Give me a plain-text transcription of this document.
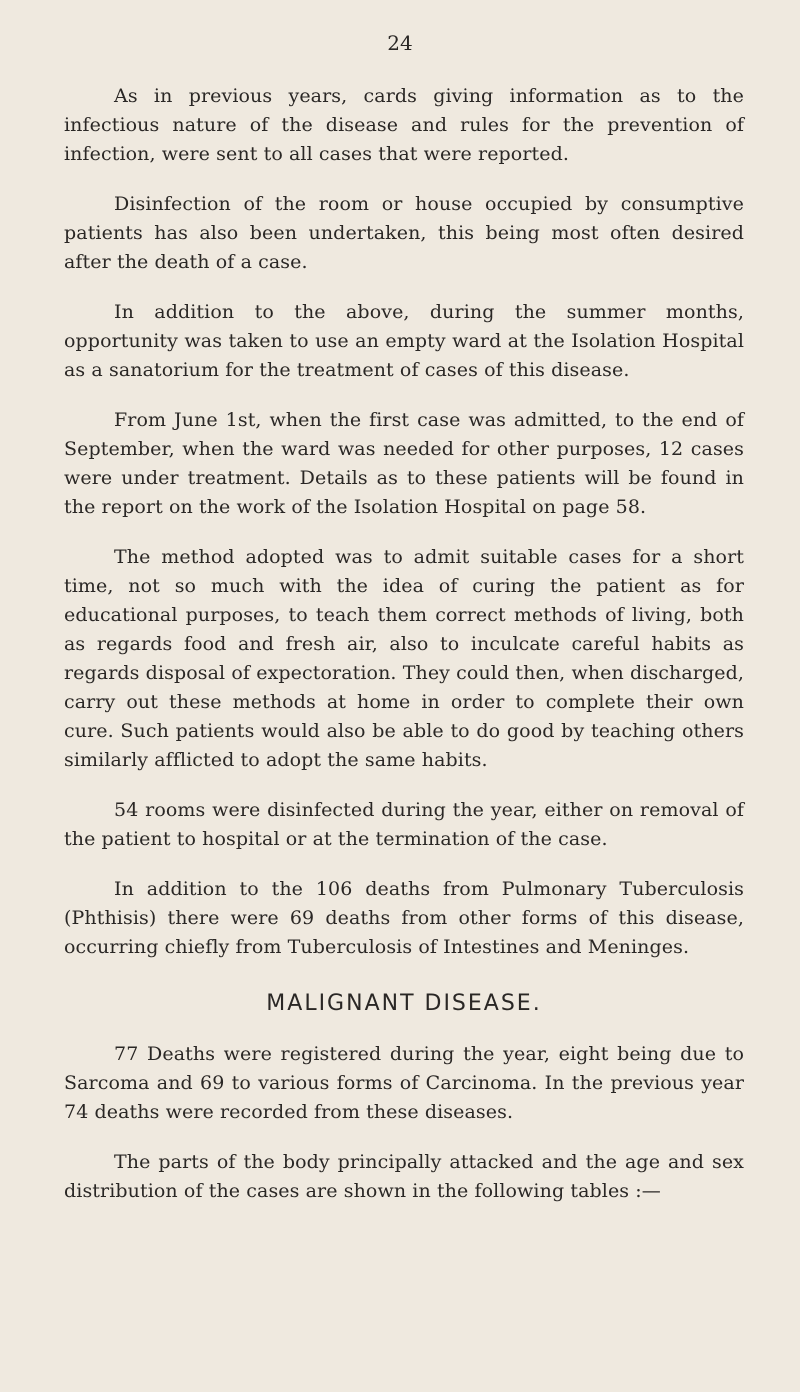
24

As in previous years, cards giving information as to the infectious nature of the disease and rules for the prevention of infection, were sent to all cases that were reported.

Disinfection of the room or house occupied by consumptive patients has also been undertaken, this being most often desired after the death of a case.

In addition to the above, during the summer months, opportunity was taken to use an empty ward at the Isolation Hospital as a sanatorium for the treatment of cases of this disease.

From June 1st, when the first case was admitted, to the end of September, when the ward was needed for other purposes, 12 cases were under treatment. Details as to these patients will be found in the report on the work of the Isolation Hospital on page 58.

The method adopted was to admit suitable cases for a short time, not so much with the idea of curing the patient as for educational purposes, to teach them correct methods of living, both as regards food and fresh air, also to inculcate careful habits as regards disposal of expectoration. They could then, when discharged, carry out these methods at home in order to complete their own cure. Such patients would also be able to do good by teaching others similarly afflicted to adopt the same habits.

54 rooms were disinfected during the year, either on removal of the patient to hospital or at the termination of the case.

In addition to the 106 deaths from Pulmonary Tuberculosis (Phthisis) there were 69 deaths from other forms of this disease, occurring chiefly from Tuberculosis of Intestines and Meninges.

MALIGNANT DISEASE.

77 Deaths were registered during the year, eight being due to Sarcoma and 69 to various forms of Carcinoma. In the previous year 74 deaths were recorded from these diseases.

The parts of the body principally attacked and the age and sex distribution of the cases are shown in the following tables :—
